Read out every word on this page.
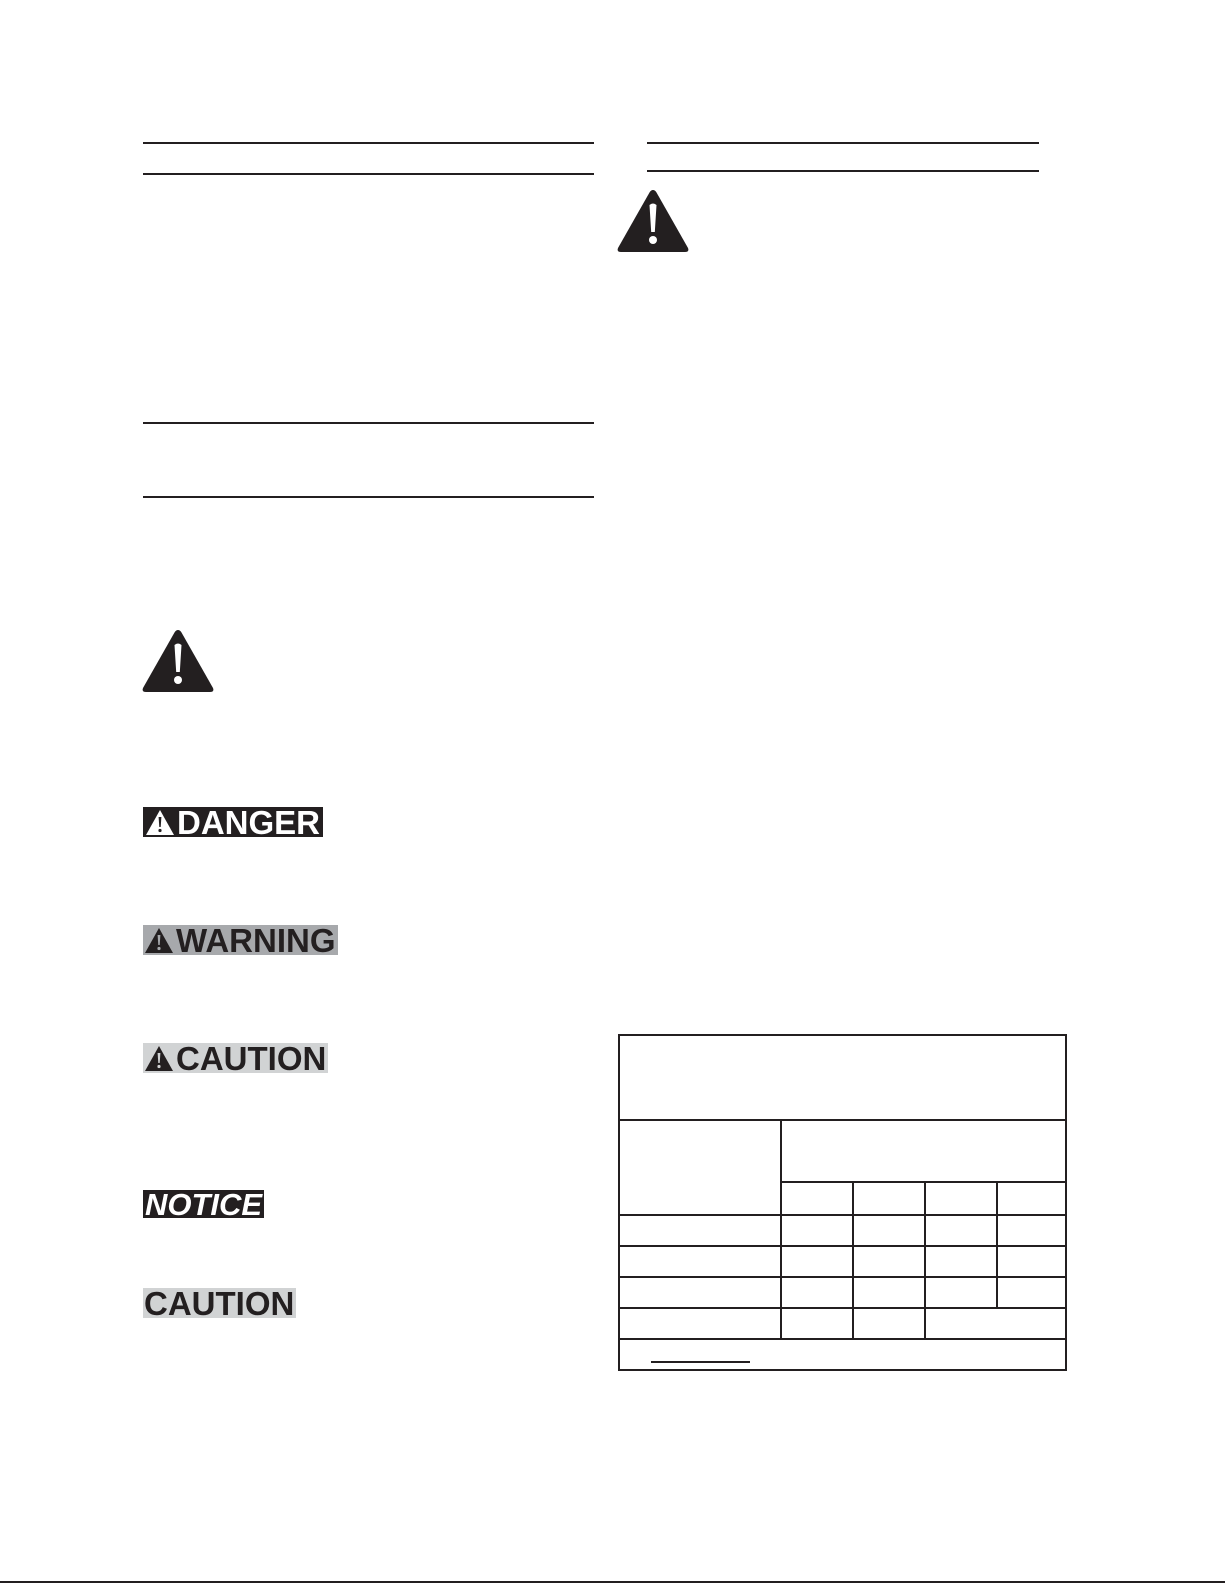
DANGER
WARNING
CAUTION
NOTICE
CAUTION
